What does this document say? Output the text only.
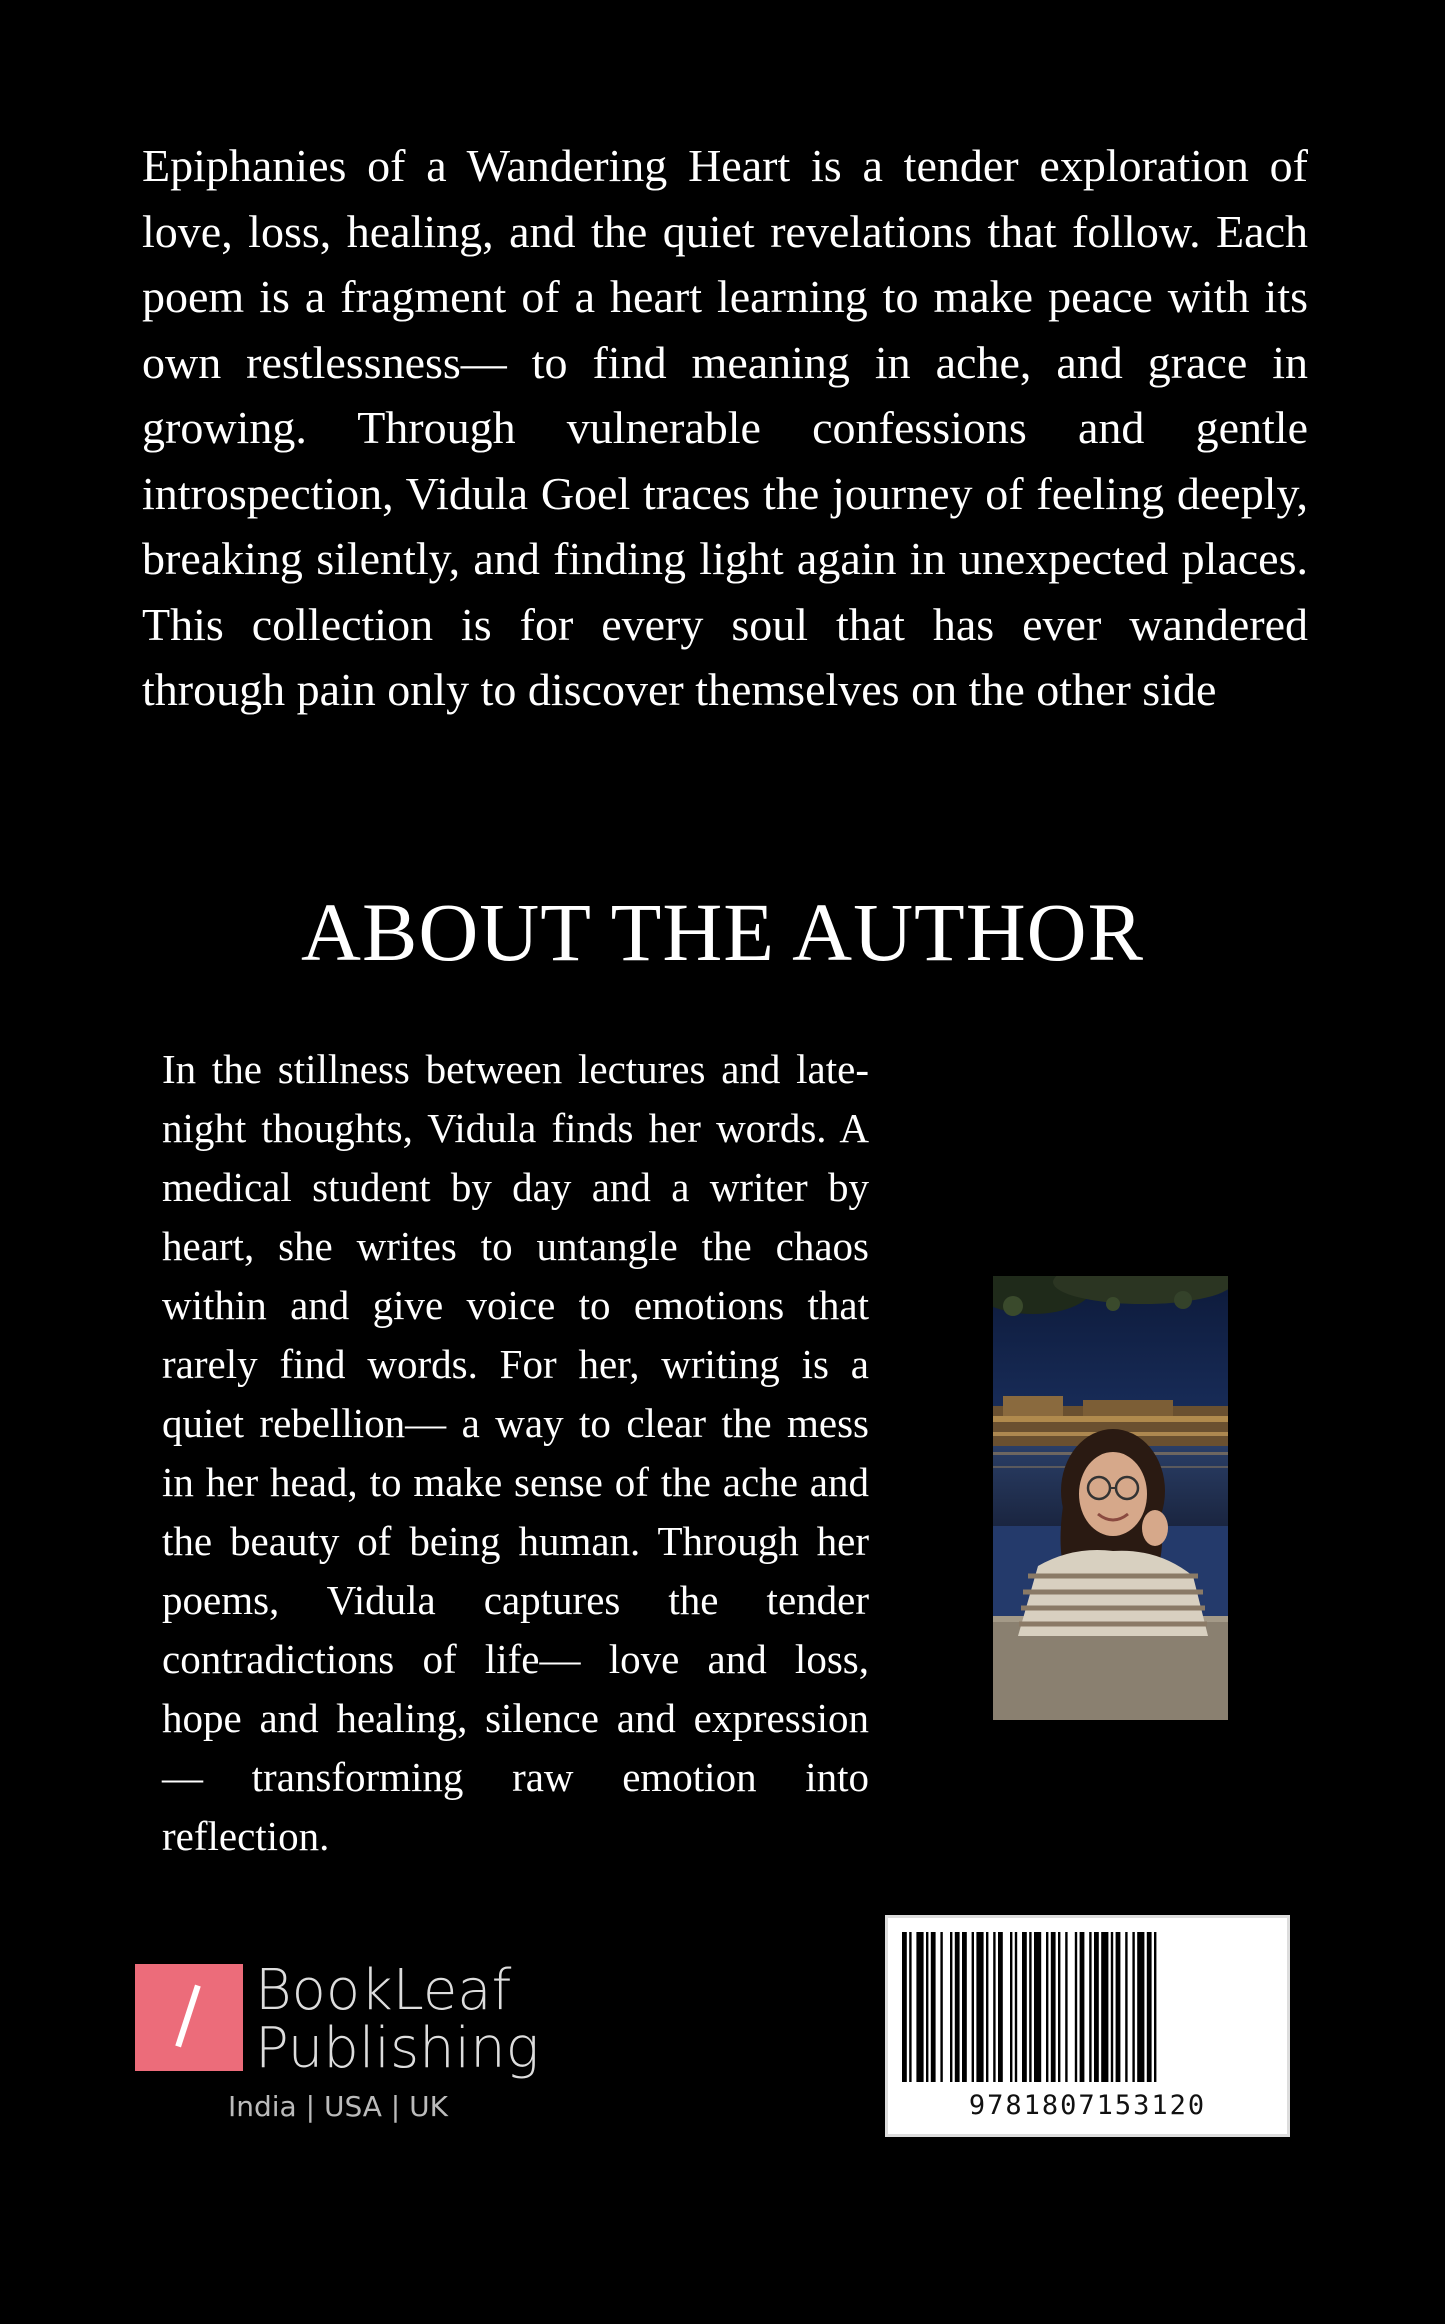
Epiphanies of a Wandering Heart is a tender exploration of love, loss, healing, and the quiet revelations that follow. Each poem is a fragment of a heart learning to make peace with its own restlessness— to find meaning in ache, and grace in growing. Through vulnerable confessions and gentle introspection, Vidula Goel traces the journey of feeling deeply, breaking silently, and finding light again in unexpected places. This collection is for every soul that has ever wandered through pain only to discover themselves on the other side

ABOUT THE AUTHOR

In the stillness between lectures and late-night thoughts, Vidula finds her words. A medical student by day and a writer by heart, she writes to untangle the chaos within and give voice to emotions that rarely find words. For her, writing is a quiet rebellion— a way to clear the mess in her head, to make sense of the ache and the beauty of being human. Through her poems, Vidula captures the tender contradictions of life— love and loss, hope and healing, silence and expression— transforming raw emotion into reflection.

BookLeaf
Publishing
India | USA | UK	9781807153120
